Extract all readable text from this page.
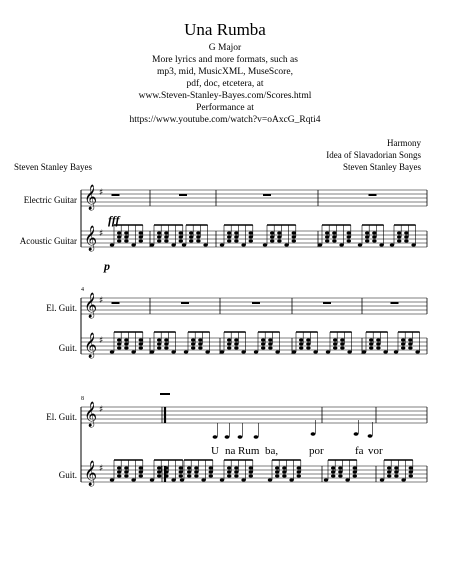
Una Rumba
G Major
More lyrics and more formats, such as
mp3, mid, MusicXML, MuseScore,
pdf, doc, etcetera, at
www.Steven-Stanley-Bayes.com/Scores.html
Performance at
https://www.youtube.com/watch?v=oAxcG_Rqti4
Harmony
Idea of Slavadorian Songs
Steven Stanley Bayes
Steven Stanley Bayes
Electric Guitar
Acoustic Guitar
El. Guit.
Guit.
El. Guit.
Guit.
4
8
U na Rum ba,	por	fa vor
𝄞 ♯
𝄞 ♯
𝄞 ♯
𝄞 ♯
𝄞 ♯
𝄞 ♯
fff
p
